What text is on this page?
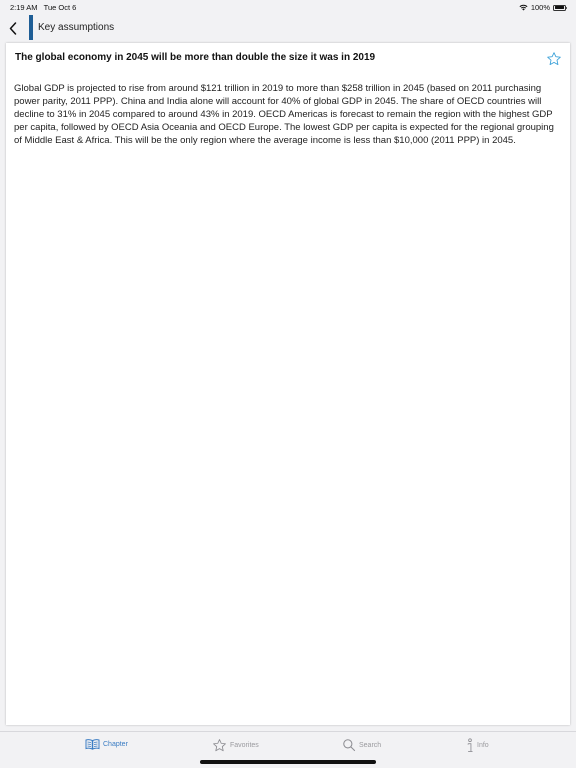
2:19 AM Tue Oct 6	100%
Key assumptions
The global economy in 2045 will be more than double the size it was in 2019

Global GDP is projected to rise from around $121 trillion in 2019 to more than $258 trillion in 2045 (based on 2011 purchasing power parity, 2011 PPP). China and India alone will account for 40% of global GDP in 2045. The share of OECD countries will decline to 31% in 2045 compared to around 43% in 2019. OECD Americas is forecast to remain the region with the highest GDP per capita, followed by OECD Asia Oceania and OECD Europe. The lowest GDP per capita is expected for the regional grouping of Middle East & Africa. This will be the only region where the average income is less than $10,000 (2011 PPP) in 2045.

Chapter	Favorites	Search	Info
